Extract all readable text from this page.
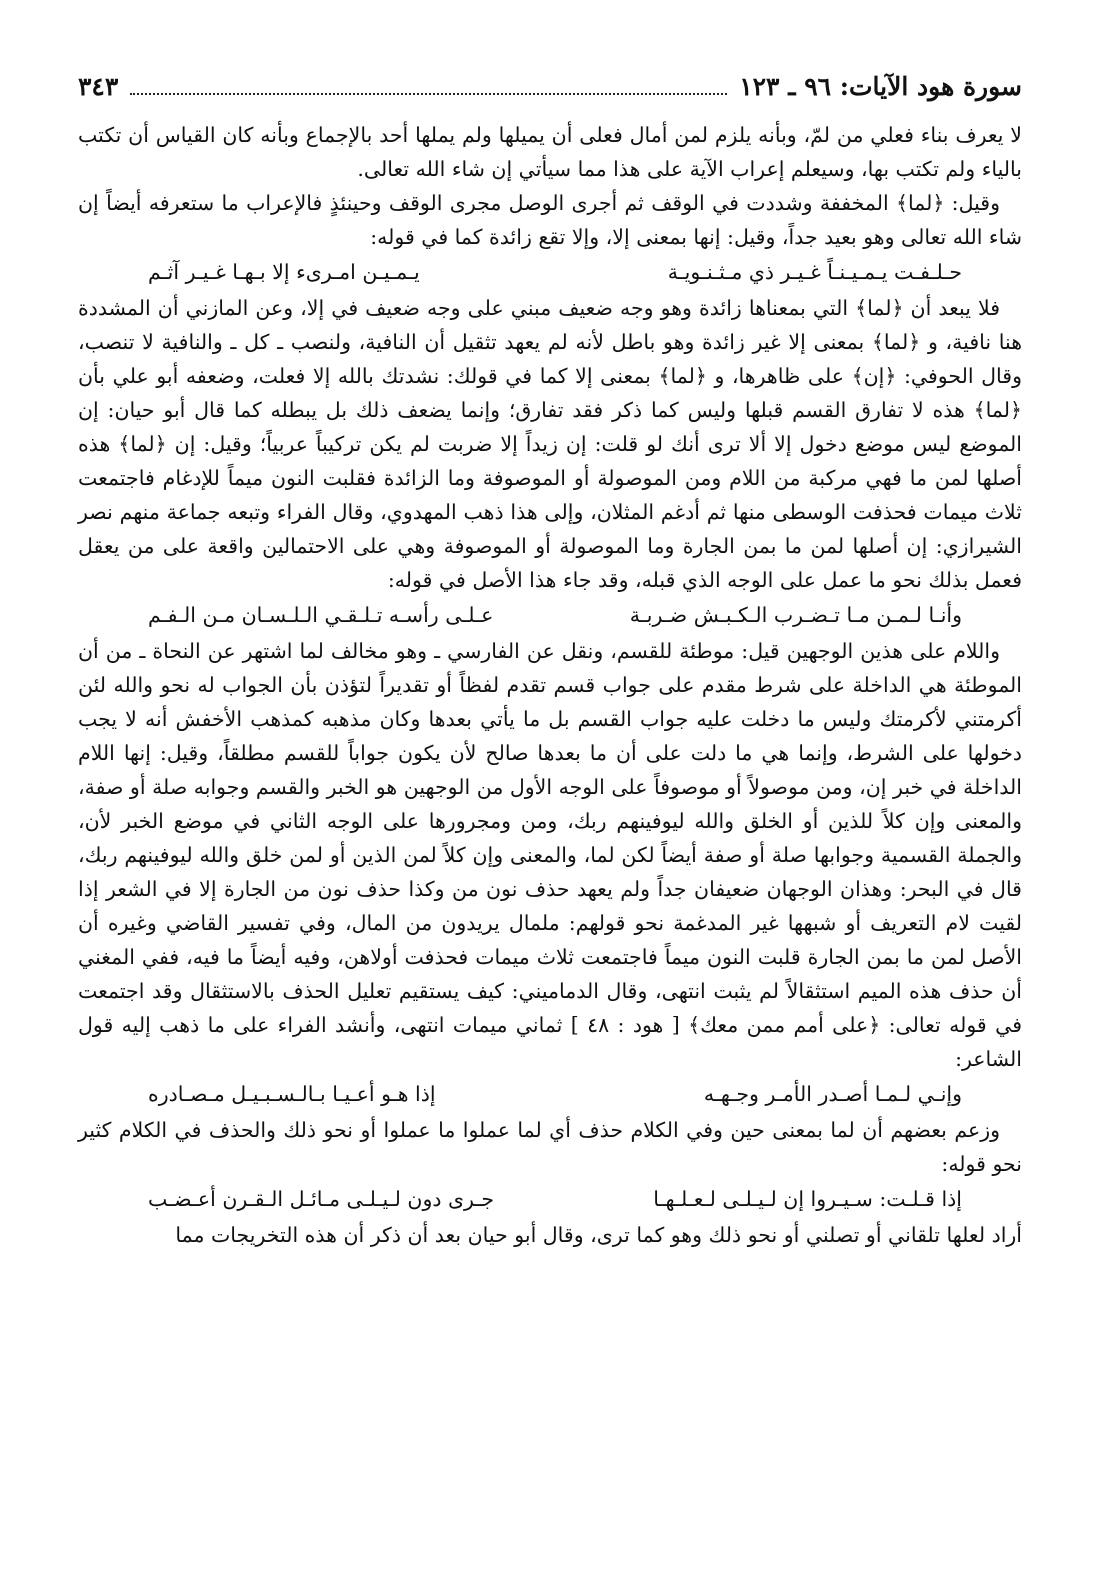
سورة هود الآيات: ٩٦ ـ ١٢٣
٣٤٣

لا يعرف بناء فعلي من لمّ، وبأنه يلزم لمن أمال فعلى أن يميلها ولم يملها أحد بالإجماع وبأنه كان القياس أن تكتب بالياء ولم تكتب بها، وسيعلم إعراب الآية على هذا مما سيأتي إن شاء الله تعالى.

وقيل: ﴿لما﴾ المخففة وشددت في الوقف ثم أجرى الوصل مجرى الوقف وحينئذٍ فالإعراب ما ستعرفه أيضاً إن شاء الله تعالى وهو بعيد جداً، وقيل: إنها بمعنى إلا، وإلا تقع زائدة كما في قوله:

حـلـفـت يـمـيـنـاً غـيـر ذي مـثـنـويـة
يـمـيـن امـرىء إلا بـهـا غـيـر آثـم

فلا يبعد أن ﴿لما﴾ التي بمعناها زائدة وهو وجه ضعيف مبني على وجه ضعيف في إلا، وعن المازني أن المشددة هنا نافية، و ﴿لما﴾ بمعنى إلا غير زائدة وهو باطل لأنه لم يعهد تثقيل أن النافية، ولنصب ـ كل ـ والنافية لا تنصب، وقال الحوفي: ﴿إن﴾ على ظاهرها، و ﴿لما﴾ بمعنى إلا كما في قولك: نشدتك بالله إلا فعلت، وضعفه أبو علي بأن ﴿لما﴾ هذه لا تفارق القسم قبلها وليس كما ذكر فقد تفارق؛ وإنما يضعف ذلك بل يبطله كما قال أبو حيان: إن الموضع ليس موضع دخول إلا ألا ترى أنك لو قلت: إن زيداً إلا ضربت لم يكن تركيباً عربياً؛ وقيل: إن ﴿لما﴾ هذه أصلها لمن ما فهي مركبة من اللام ومن الموصولة أو الموصوفة وما الزائدة فقلبت النون ميماً للإدغام فاجتمعت ثلاث ميمات فحذفت الوسطى منها ثم أدغم المثلان، وإلى هذا ذهب المهدوي، وقال الفراء وتبعه جماعة منهم نصر الشيرازي: إن أصلها لمن ما بمن الجارة وما الموصولة أو الموصوفة وهي على الاحتمالين واقعة على من يعقل فعمل بذلك نحو ما عمل على الوجه الذي قبله، وقد جاء هذا الأصل في قوله:

وأنـا لـمـن مـا تـضـرب الـكـبـش ضـربـة
عـلـى رأسـه تـلـقـي الـلـسـان مـن الـفـم

واللام على هذين الوجهين قيل: موطئة للقسم، ونقل عن الفارسي ـ وهو مخالف لما اشتهر عن النحاة ـ من أن الموطئة هي الداخلة على شرط مقدم على جواب قسم تقدم لفظاً أو تقديراً لتؤذن بأن الجواب له نحو والله لئن أكرمتني لأكرمتك وليس ما دخلت عليه جواب القسم بل ما يأتي بعدها وكان مذهبه كمذهب الأخفش أنه لا يجب دخولها على الشرط، وإنما هي ما دلت على أن ما بعدها صالح لأن يكون جواباً للقسم مطلقاً، وقيل: إنها اللام الداخلة في خبر إن، ومن موصولاً أو موصوفاً على الوجه الأول من الوجهين هو الخبر والقسم وجوابه صلة أو صفة، والمعنى وإن كلاً للذين أو الخلق والله ليوفينهم ربك، ومن ومجرورها على الوجه الثاني في موضع الخبر لأن، والجملة القسمية وجوابها صلة أو صفة أيضاً لكن لما، والمعنى وإن كلاً لمن الذين أو لمن خلق والله ليوفينهم ربك، قال في البحر: وهذان الوجهان ضعيفان جداً ولم يعهد حذف نون من وكذا حذف نون من الجارة إلا في الشعر إذا لقيت لام التعريف أو شبهها غير المدغمة نحو قولهم: ملمال يريدون من المال، وفي تفسير القاضي وغيره أن الأصل لمن ما بمن الجارة قلبت النون ميماً فاجتمعت ثلاث ميمات فحذفت أولاهن، وفيه أيضاً ما فيه، ففي المغني أن حذف هذه الميم استثقالاً لم يثبت انتهى، وقال الدماميني: كيف يستقيم تعليل الحذف بالاستثقال وقد اجتمعت في قوله تعالى: ﴿على أمم ممن معك﴾ [ هود : ٤٨ ] ثماني ميمات انتهى، وأنشد الفراء على ما ذهب إليه قول الشاعر:

وإنـي لـمـا أصـدر الأمـر وجـهـه
إذا هـو أعـيـا بـالـسـبـيـل مـصـادره

وزعم بعضهم أن لما بمعنى حين وفي الكلام حذف أي لما عملوا ما عملوا أو نحو ذلك والحذف في الكلام كثير نحو قوله:

إذا قـلـت: سـيـروا إن لـيـلـى لـعـلـهـا
جـرى دون لـيـلـى مـائـل الـقـرن أعـضـب

أراد لعلها تلقاني أو تصلني أو نحو ذلك وهو كما ترى، وقال أبو حيان بعد أن ذكر أن هذه التخريجات مما
